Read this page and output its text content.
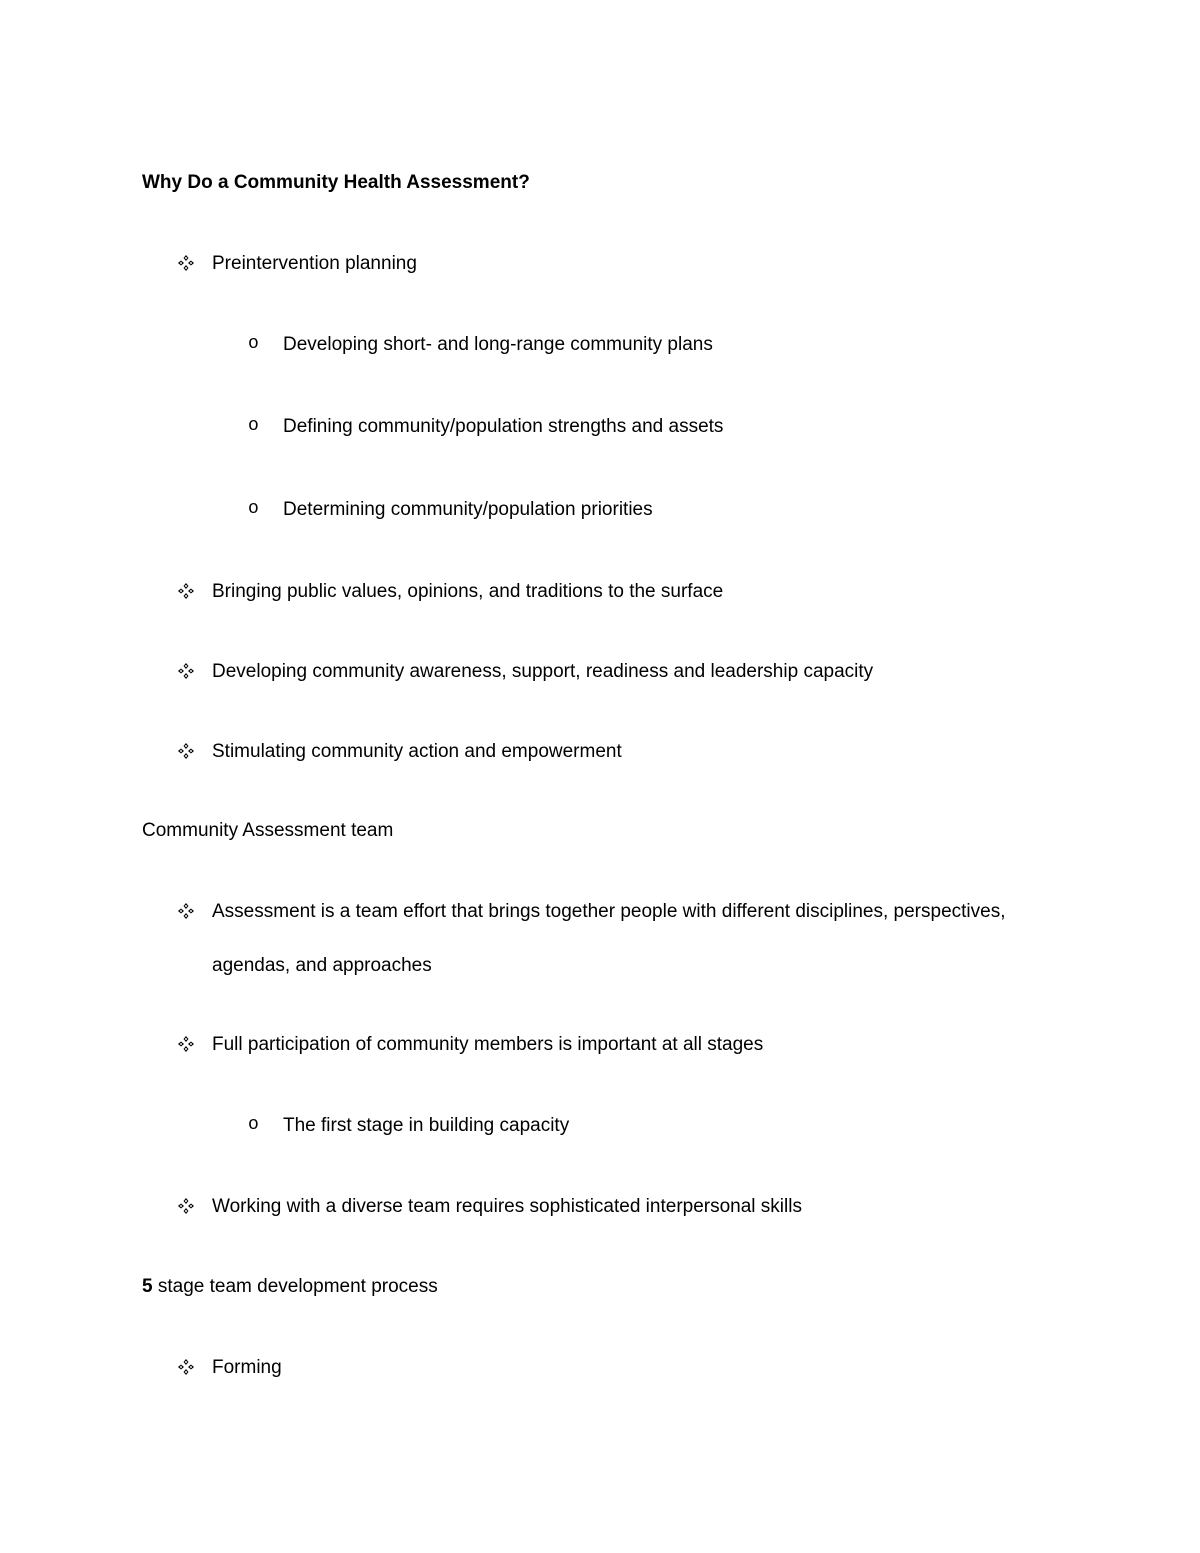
Why Do a Community Health Assessment?
Preintervention planning
o Developing short- and long-range community plans
o Defining community/population strengths and assets
o Determining community/population priorities
Bringing public values, opinions, and traditions to the surface
Developing community awareness, support, readiness and leadership capacity
Stimulating community action and empowerment
Community Assessment team
Assessment is a team effort that brings together people with different disciplines, perspectives,
agendas, and approaches
Full participation of community members is important at all stages
o The first stage in building capacity
Working with a diverse team requires sophisticated interpersonal skills
5 stage team development process
Forming
